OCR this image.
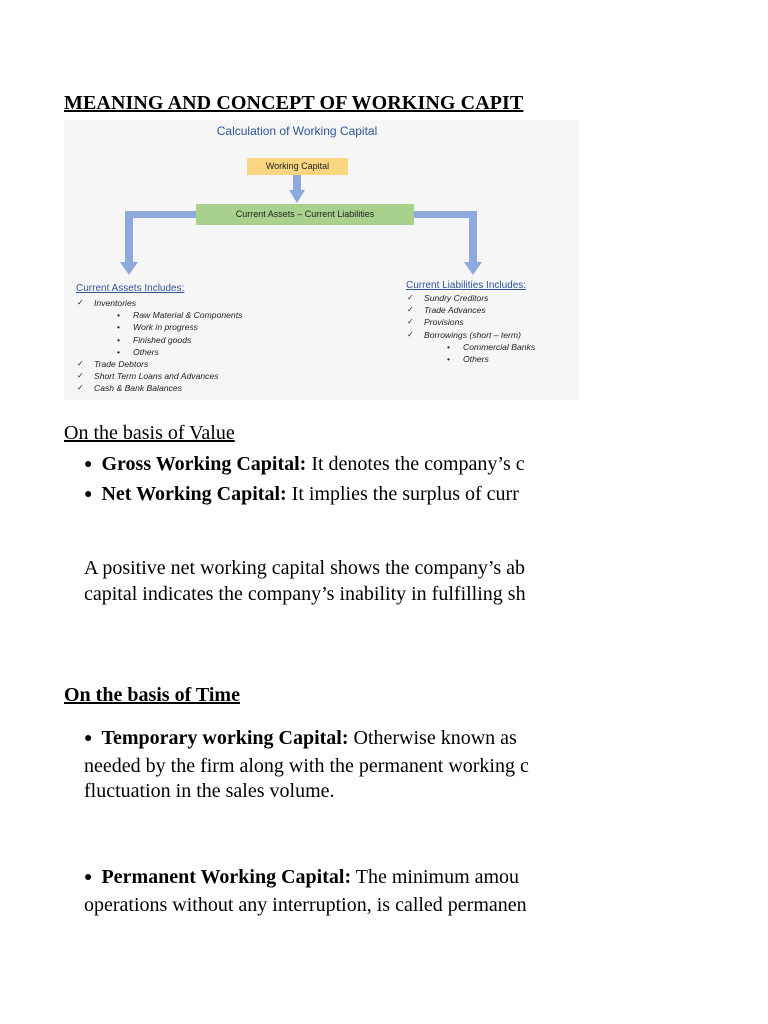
MEANING AND CONCEPT OF WORKING CAPIT
Calculation of Working Capital
Working Capital
Current Assets – Current Liabilities
Current Assets Includes:
✓ Inventories
• Raw Material & Components
• Work in progress
• Finished goods
• Others
✓ Trade Debtors
✓ Short Term Loans and Advances
✓ Cash & Bank Balances
Current Liabilities Includes:
✓ Sundry Creditors
✓ Trade Advances
✓ Provisions
✓ Borrowings (short – term)
• Commercial Banks
• Others
On the basis of Value
● Gross Working Capital: It denotes the company’s c
● Net Working Capital: It implies the surplus of curr

A positive net working capital shows the company’s ab
capital indicates the company’s inability in fulfilling sh

On the basis of Time

● Temporary working Capital: Otherwise known as
needed by the firm along with the permanent working c
fluctuation in the sales volume.

● Permanent Working Capital: The minimum amou
operations without any interruption, is called permanen
